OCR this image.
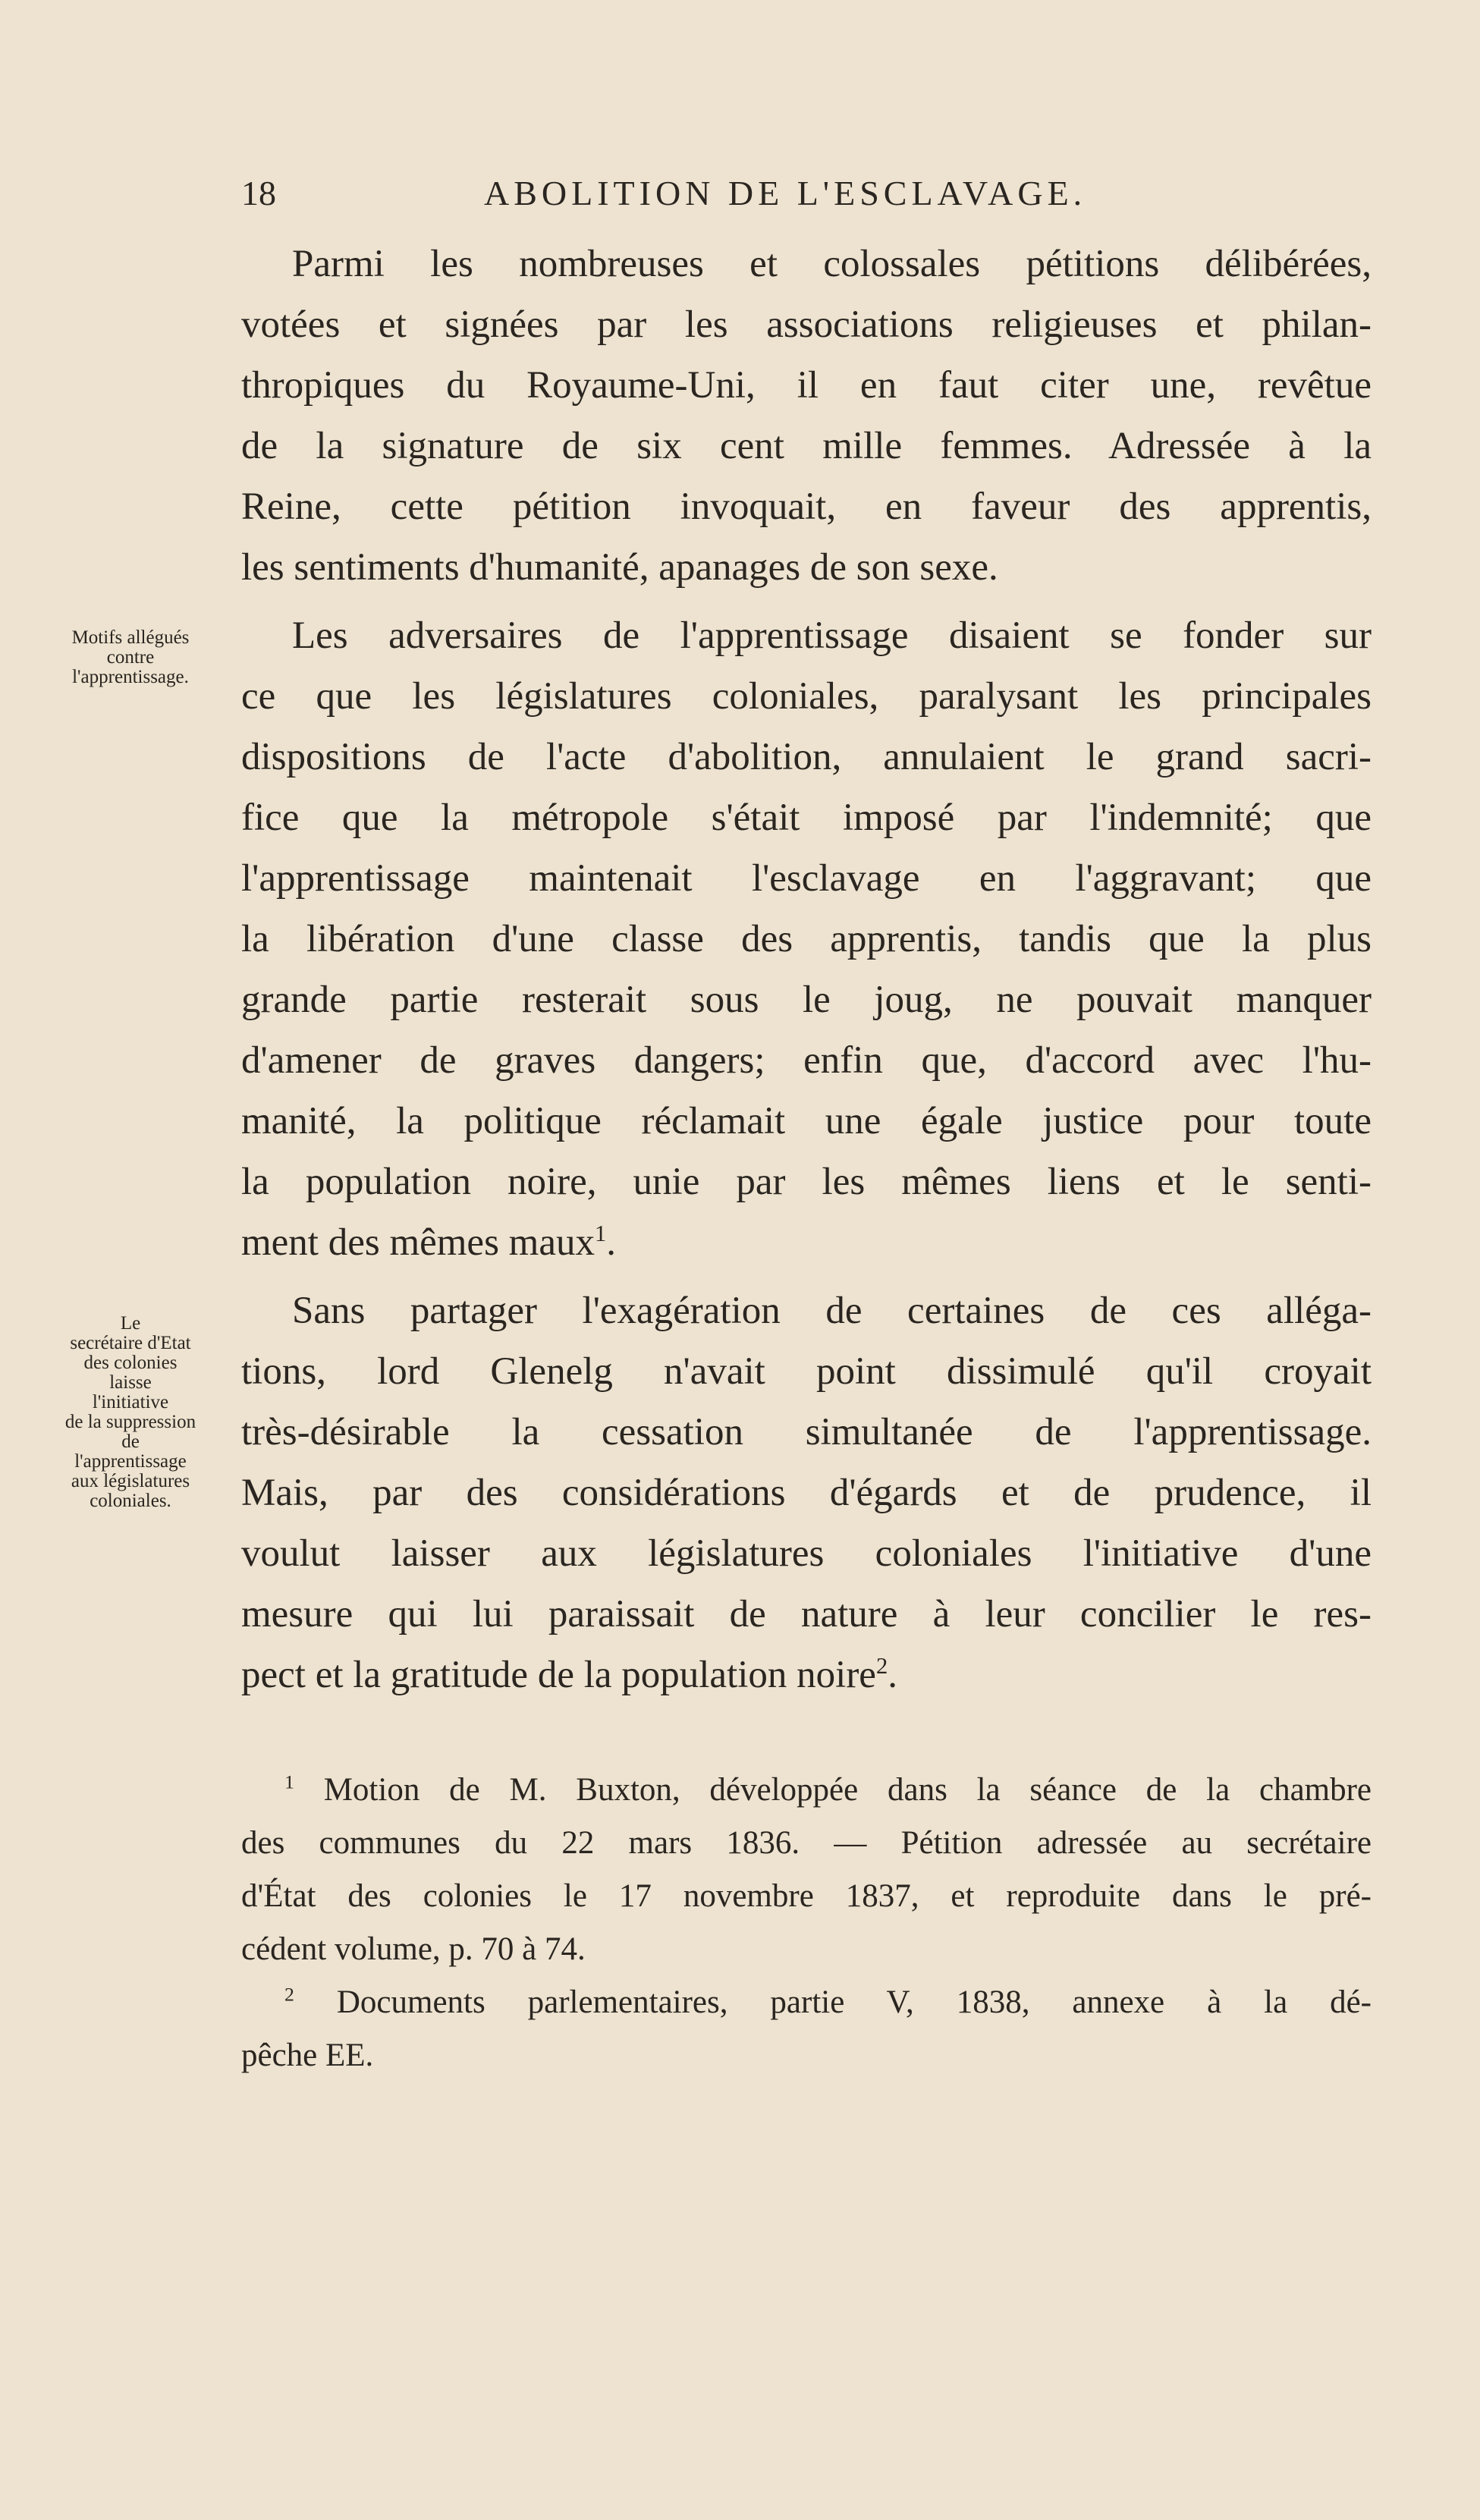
18	ABOLITION DE L'ESCLAVAGE.
Motifs allégués
contre
l'apprentissage.
Le
secrétaire d'Etat
des colonies
laisse
l'initiative
de la suppression
de
l'apprentissage
aux législatures
coloniales.
Parmi les nombreuses et colossales pétitions délibérées,
votées et signées par les associations religieuses et philan-
thropiques du Royaume-Uni, il en faut citer une, revêtue
de la signature de six cent mille femmes. Adressée à la
Reine, cette pétition invoquait, en faveur des apprentis,
les sentiments d'humanité, apanages de son sexe.
Les adversaires de l'apprentissage disaient se fonder sur
ce que les législatures coloniales, paralysant les principales
dispositions de l'acte d'abolition, annulaient le grand sacri-
fice que la métropole s'était imposé par l'indemnité; que
l'apprentissage maintenait l'esclavage en l'aggravant; que
la libération d'une classe des apprentis, tandis que la plus
grande partie resterait sous le joug, ne pouvait manquer
d'amener de graves dangers; enfin que, d'accord avec l'hu-
manité, la politique réclamait une égale justice pour toute
la population noire, unie par les mêmes liens et le senti-
ment des mêmes maux$^1$.
Sans partager l'exagération de certaines de ces alléga-
tions, lord Glenelg n'avait point dissimulé qu'il croyait
très-désirable la cessation simultanée de l'apprentissage.
Mais, par des considérations d'égards et de prudence, il
voulut laisser aux législatures coloniales l'initiative d'une
mesure qui lui paraissait de nature à leur concilier le res-
pect et la gratitude de la population noire$^2$.
$^1$ Motion de M. Buxton, développée dans la séance de la chambre
des communes du 22 mars 1836. — Pétition adressée au secrétaire
d'État des colonies le 17 novembre 1837, et reproduite dans le pré-
cédent volume, p. 70 à 74.
$^2$ Documents parlementaires, partie V, 1838, annexe à la dé-
pêche EE.
